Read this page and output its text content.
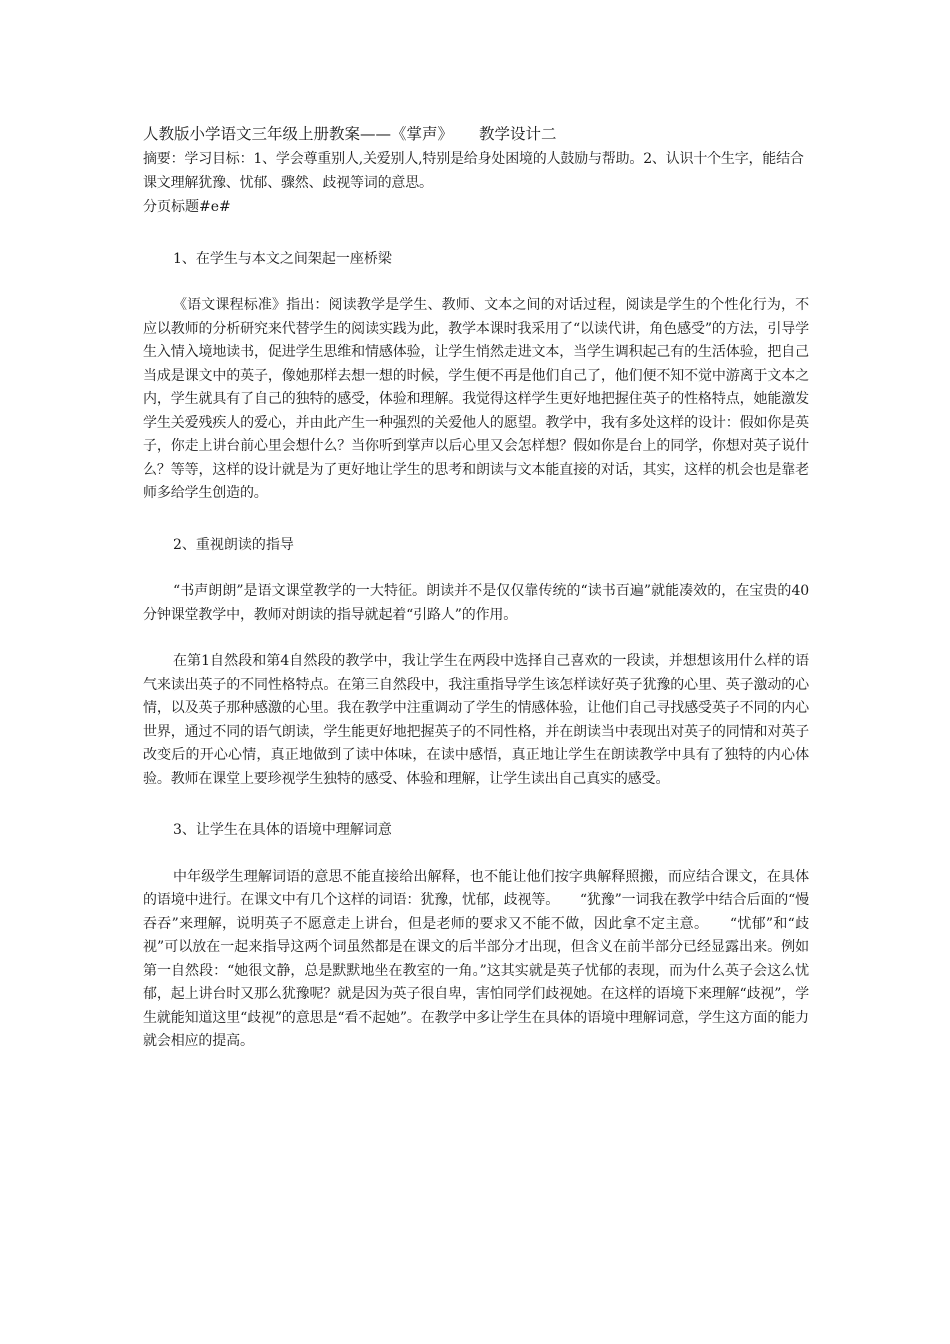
人教版小学语文三年级上册教案——《掌声》 教学设计二

摘要：学习目标：1、学会尊重别人,关爱别人,特别是给身处困境的人鼓励与帮助。2、认识十个生字，能结合课文理解犹豫、忧郁、骤然、歧视等词的意思。

分页标题#e#

1、在学生与本文之间架起一座桥梁

《语文课程标准》指出：阅读教学是学生、教师、文本之间的对话过程，阅读是学生的个性化行为，不应以教师的分析研究来代替学生的阅读实践为此，教学本课时我采用了“以读代讲，角色感受”的方法，引导学生入情入境地读书，促进学生思维和情感体验，让学生悄然走进文本，当学生调积起己有的生活体验，把自己当成是课文中的英子，像她那样去想一想的时候，学生便不再是他们自己了，他们便不知不觉中游离于文本之内，学生就具有了自己的独特的感受，体验和理解。我觉得这样学生更好地把握住英子的性格特点，她能激发学生关爱残疾人的爱心，并由此产生一种强烈的关爱他人的愿望。教学中，我有多处这样的设计：假如你是英子，你走上讲台前心里会想什么？当你听到掌声以后心里又会怎样想？假如你是台上的同学，你想对英子说什么？等等，这样的设计就是为了更好地让学生的思考和朗读与文本能直接的对话，其实，这样的机会也是靠老师多给学生创造的。

2、重视朗读的指导

“书声朗朗”是语文课堂教学的一大特征。朗读并不是仅仅靠传统的“读书百遍”就能凑效的，在宝贵的40分钟课堂教学中，教师对朗读的指导就起着“引路人”的作用。

在第1自然段和第4自然段的教学中，我让学生在两段中选择自己喜欢的一段读，并想想该用什么样的语气来读出英子的不同性格特点。在第三自然段中，我注重指导学生该怎样读好英子犹豫的心里、英子激动的心情，以及英子那种感激的心里。我在教学中注重调动了学生的情感体验，让他们自己寻找感受英子不同的内心世界，通过不同的语气朗读，学生能更好地把握英子的不同性格，并在朗读当中表现出对英子的同情和对英子改变后的开心心情，真正地做到了读中体味，在读中感悟，真正地让学生在朗读教学中具有了独特的内心体验。教师在课堂上要珍视学生独特的感受、体验和理解，让学生读出自己真实的感受。

3、让学生在具体的语境中理解词意

中年级学生理解词语的意思不能直接给出解释，也不能让他们按字典解释照搬，而应结合课文，在具体的语境中进行。在课文中有几个这样的词语：犹豫，忧郁，歧视等。　　“犹豫”一词我在教学中结合后面的“慢吞吞”来理解，说明英子不愿意走上讲台，但是老师的要求又不能不做，因此拿不定主意。　　“忧郁”和“歧视”可以放在一起来指导这两个词虽然都是在课文的后半部分才出现，但含义在前半部分已经显露出来。例如第一自然段：“她很文静，总是默默地坐在教室的一角。”这其实就是英子忧郁的表现，而为什么英子会这么忧郁，起上讲台时又那么犹豫呢？就是因为英子很自卑，害怕同学们歧视她。在这样的语境下来理解“歧视”，学生就能知道这里“歧视”的意思是“看不起她”。在教学中多让学生在具体的语境中理解词意，学生这方面的能力就会相应的提高。
